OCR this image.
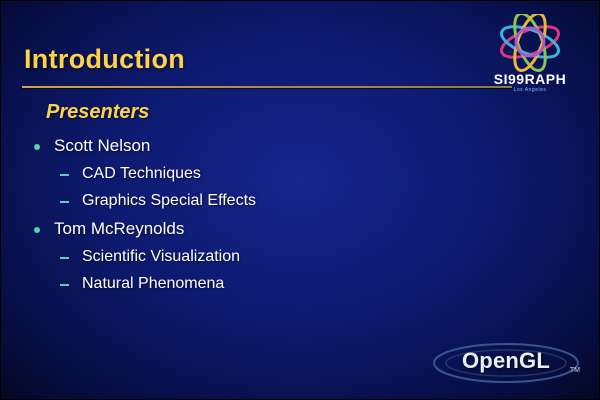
Introduction
Presenters
Scott Nelson
CAD Techniques
Graphics Special Effects
Tom McReynolds
Scientific Visualization
Natural Phenomena
SI99RAPH
Los Angeles
OpenGL	TM
